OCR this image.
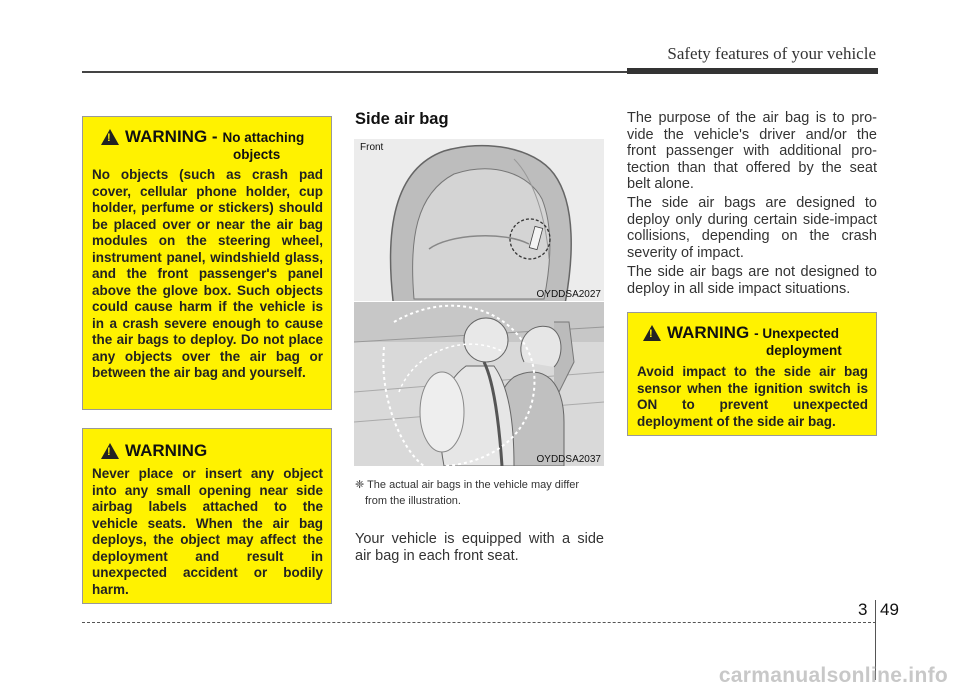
Safety features of your vehicle
!
WARNING - No attaching
objects
No objects (such as crash pad cover, cellular phone holder, cup holder, perfume or stickers) should be placed over or near the air bag modules on the steering wheel, instrument panel, windshield glass, and the front passenger's panel above the glove box. Such objects could cause harm if the vehicle is in a crash severe enough to cause the air bags to deploy. Do not place any objects over the air bag or between the air bag and yourself.
!
WARNING
Never place or insert any object into any small opening near side airbag labels attached to the vehicle seats. When the air bag deploys, the object may affect the deployment and result in unexpected accident or bodily harm.
Side air bag
Front
OYDDSA2027
OYDDSA2037
❈ The actual air bags in the vehicle may differ
from the illustration.
Your vehicle is equipped with a side air bag in each front seat.
The purpose of the air bag is to pro-vide the vehicle's driver and/or the front passenger with additional pro-tection than that offered by the seat belt alone.
The side air bags are designed to deploy only during certain side-impact collisions, depending on the crash severity of impact.
The side air bags are not designed to deploy in all side impact situations.
!
WARNING - Unexpected
deployment
Avoid impact to the side air bag sensor when the ignition switch is ON to prevent unexpected deployment of the side air bag.
3 49
carmanualsonline.info
